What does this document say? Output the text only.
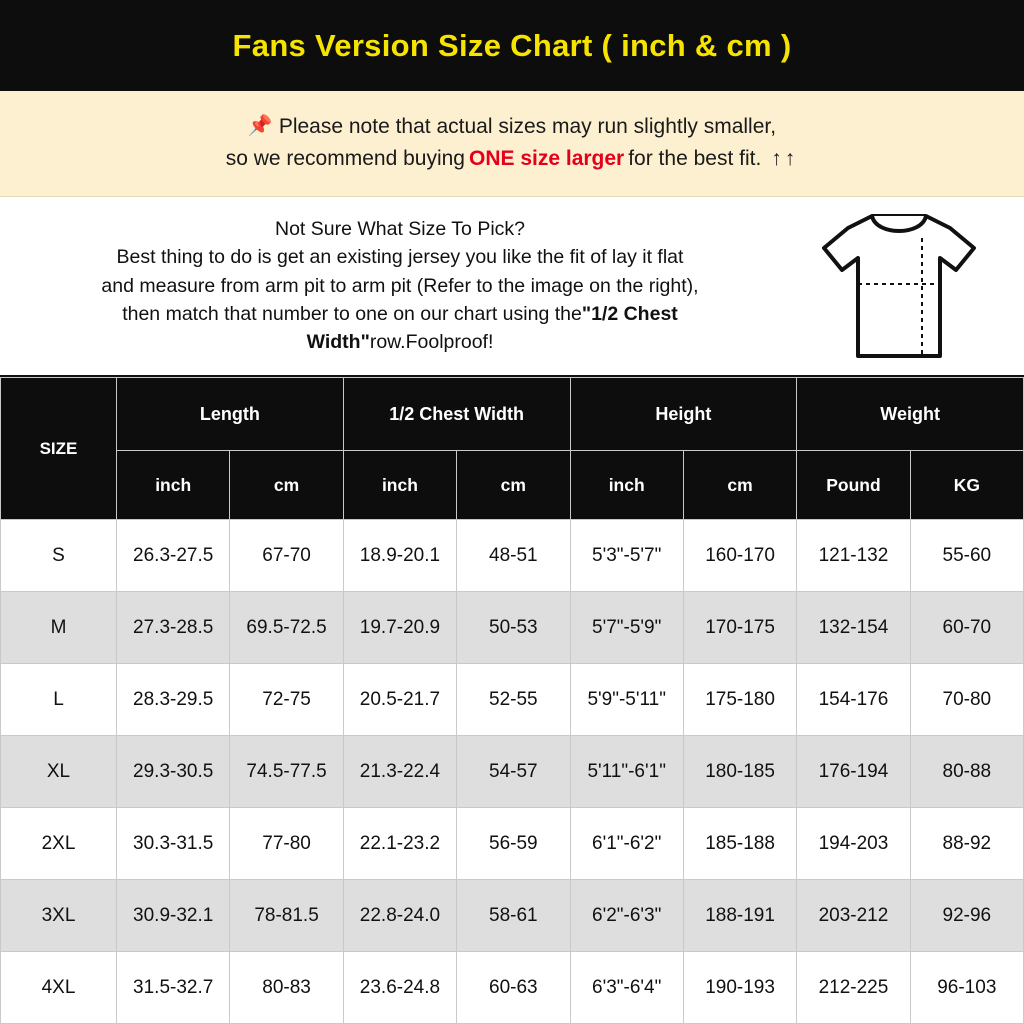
Fans Version Size Chart ( inch & cm )
📌 Please note that actual sizes may run slightly smaller,
so we recommend buying ONE size larger for the best fit. ↑↑
Not Sure What Size To Pick?
Best thing to do is get an existing jersey you like the fit of lay it flat
and measure from arm pit to arm pit (Refer to the image on the right),
then match that number to one on our chart using the"1/2 Chest
Width"row.Foolproof!
SIZE	Length		1/2 Chest Width		Height		Weight	
	inch	cm	inch	cm	inch	cm	Pound	KG
S	26.3-27.5	67-70	18.9-20.1	48-51	5'3"-5'7"	160-170	121-132	55-60
M	27.3-28.5	69.5-72.5	19.7-20.9	50-53	5'7"-5'9"	170-175	132-154	60-70
L	28.3-29.5	72-75	20.5-21.7	52-55	5'9"-5'11"	175-180	154-176	70-80
XL	29.3-30.5	74.5-77.5	21.3-22.4	54-57	5'11"-6'1"	180-185	176-194	80-88
2XL	30.3-31.5	77-80	22.1-23.2	56-59	6'1"-6'2"	185-188	194-203	88-92
3XL	30.9-32.1	78-81.5	22.8-24.0	58-61	6'2"-6'3"	188-191	203-212	92-96
4XL	31.5-32.7	80-83	23.6-24.8	60-63	6'3"-6'4"	190-193	212-225	96-103
